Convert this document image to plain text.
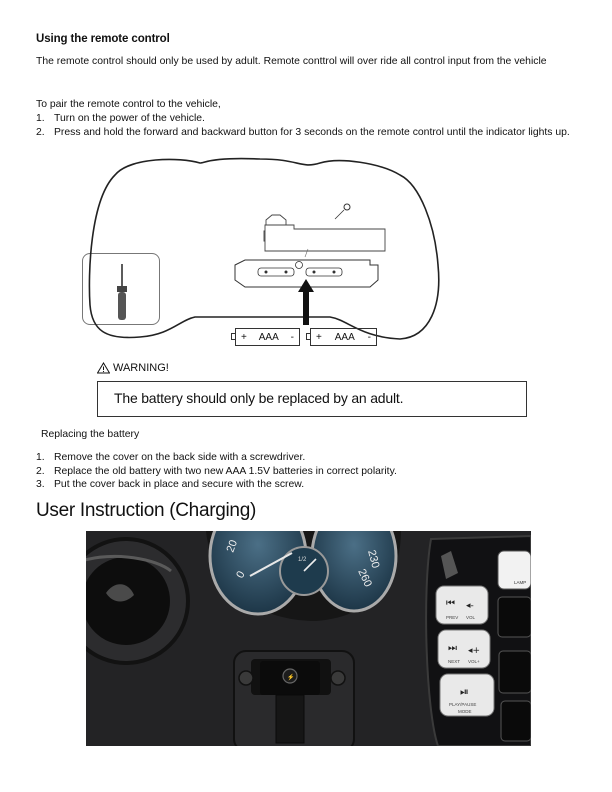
Using the remote control
The remote control should only be used by adult. Remote conttrol will over ride all control input from the vehicle
To pair the remote control to the vehicle,
1. Turn on the power of the vehicle.
2. Press and hold the forward and backward button for 3 seconds on the remote control until the indicator lights up.
+ AAA - + AAA -
WARNING!
The battery should only be replaced by an adult.
Replacing the battery
1. Remove the cover on the back side with a screwdriver.
2. Replace the old battery with two new AAA 1.5V batteries in correct polarity.
3. Put the cover back in place and secure with the screw.
User Instruction (Charging)
20
0
1/2	230
260
⚡
LAMP
⏮ ◂-
PREV VOL
⏭ ◂+
NEXT VOL+
⏯
PLAY/PAUSE
MODE
